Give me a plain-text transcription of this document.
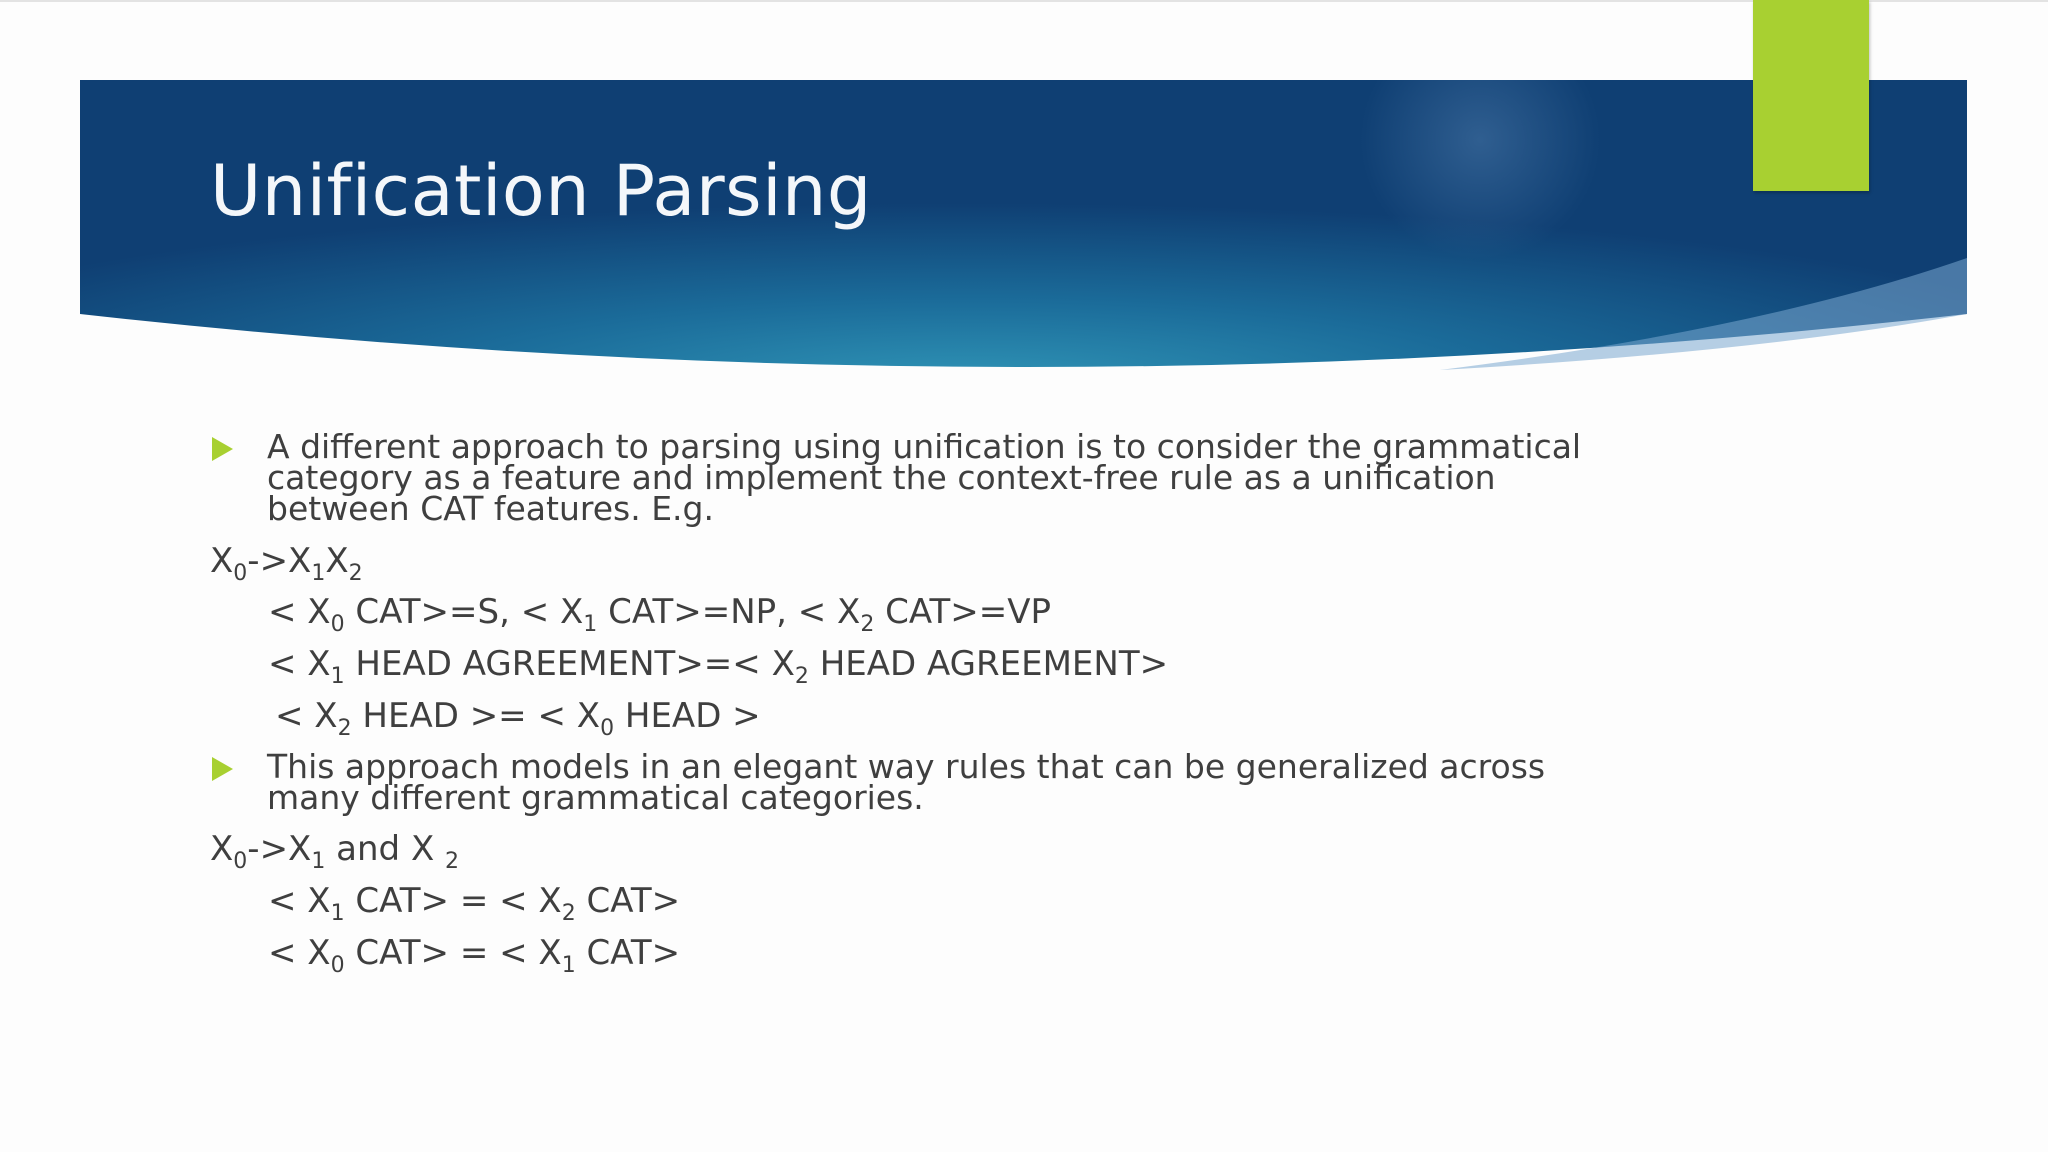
Unification Parsing

A different approach to parsing using unification is to consider the grammatical category as a feature and implement the context-free rule as a unification between CAT features. E.g.

$X_0->X_1X_2$

< $X_0$ CAT>=S, < $X_1$ CAT>=NP, < $X_2$ CAT>=VP

< $X_1$ HEAD AGREEMENT>=< $X_2$ HEAD AGREEMENT>

< $X_2$ HEAD >= < $X_0$ HEAD >

This approach models in an elegant way rules that can be generalized across many different grammatical categories.

$X_0->X_1$ and X $_2$

< $X_1$ CAT> = < $X_2$ CAT>

< $X_0$ CAT> = < $X_1$ CAT>
